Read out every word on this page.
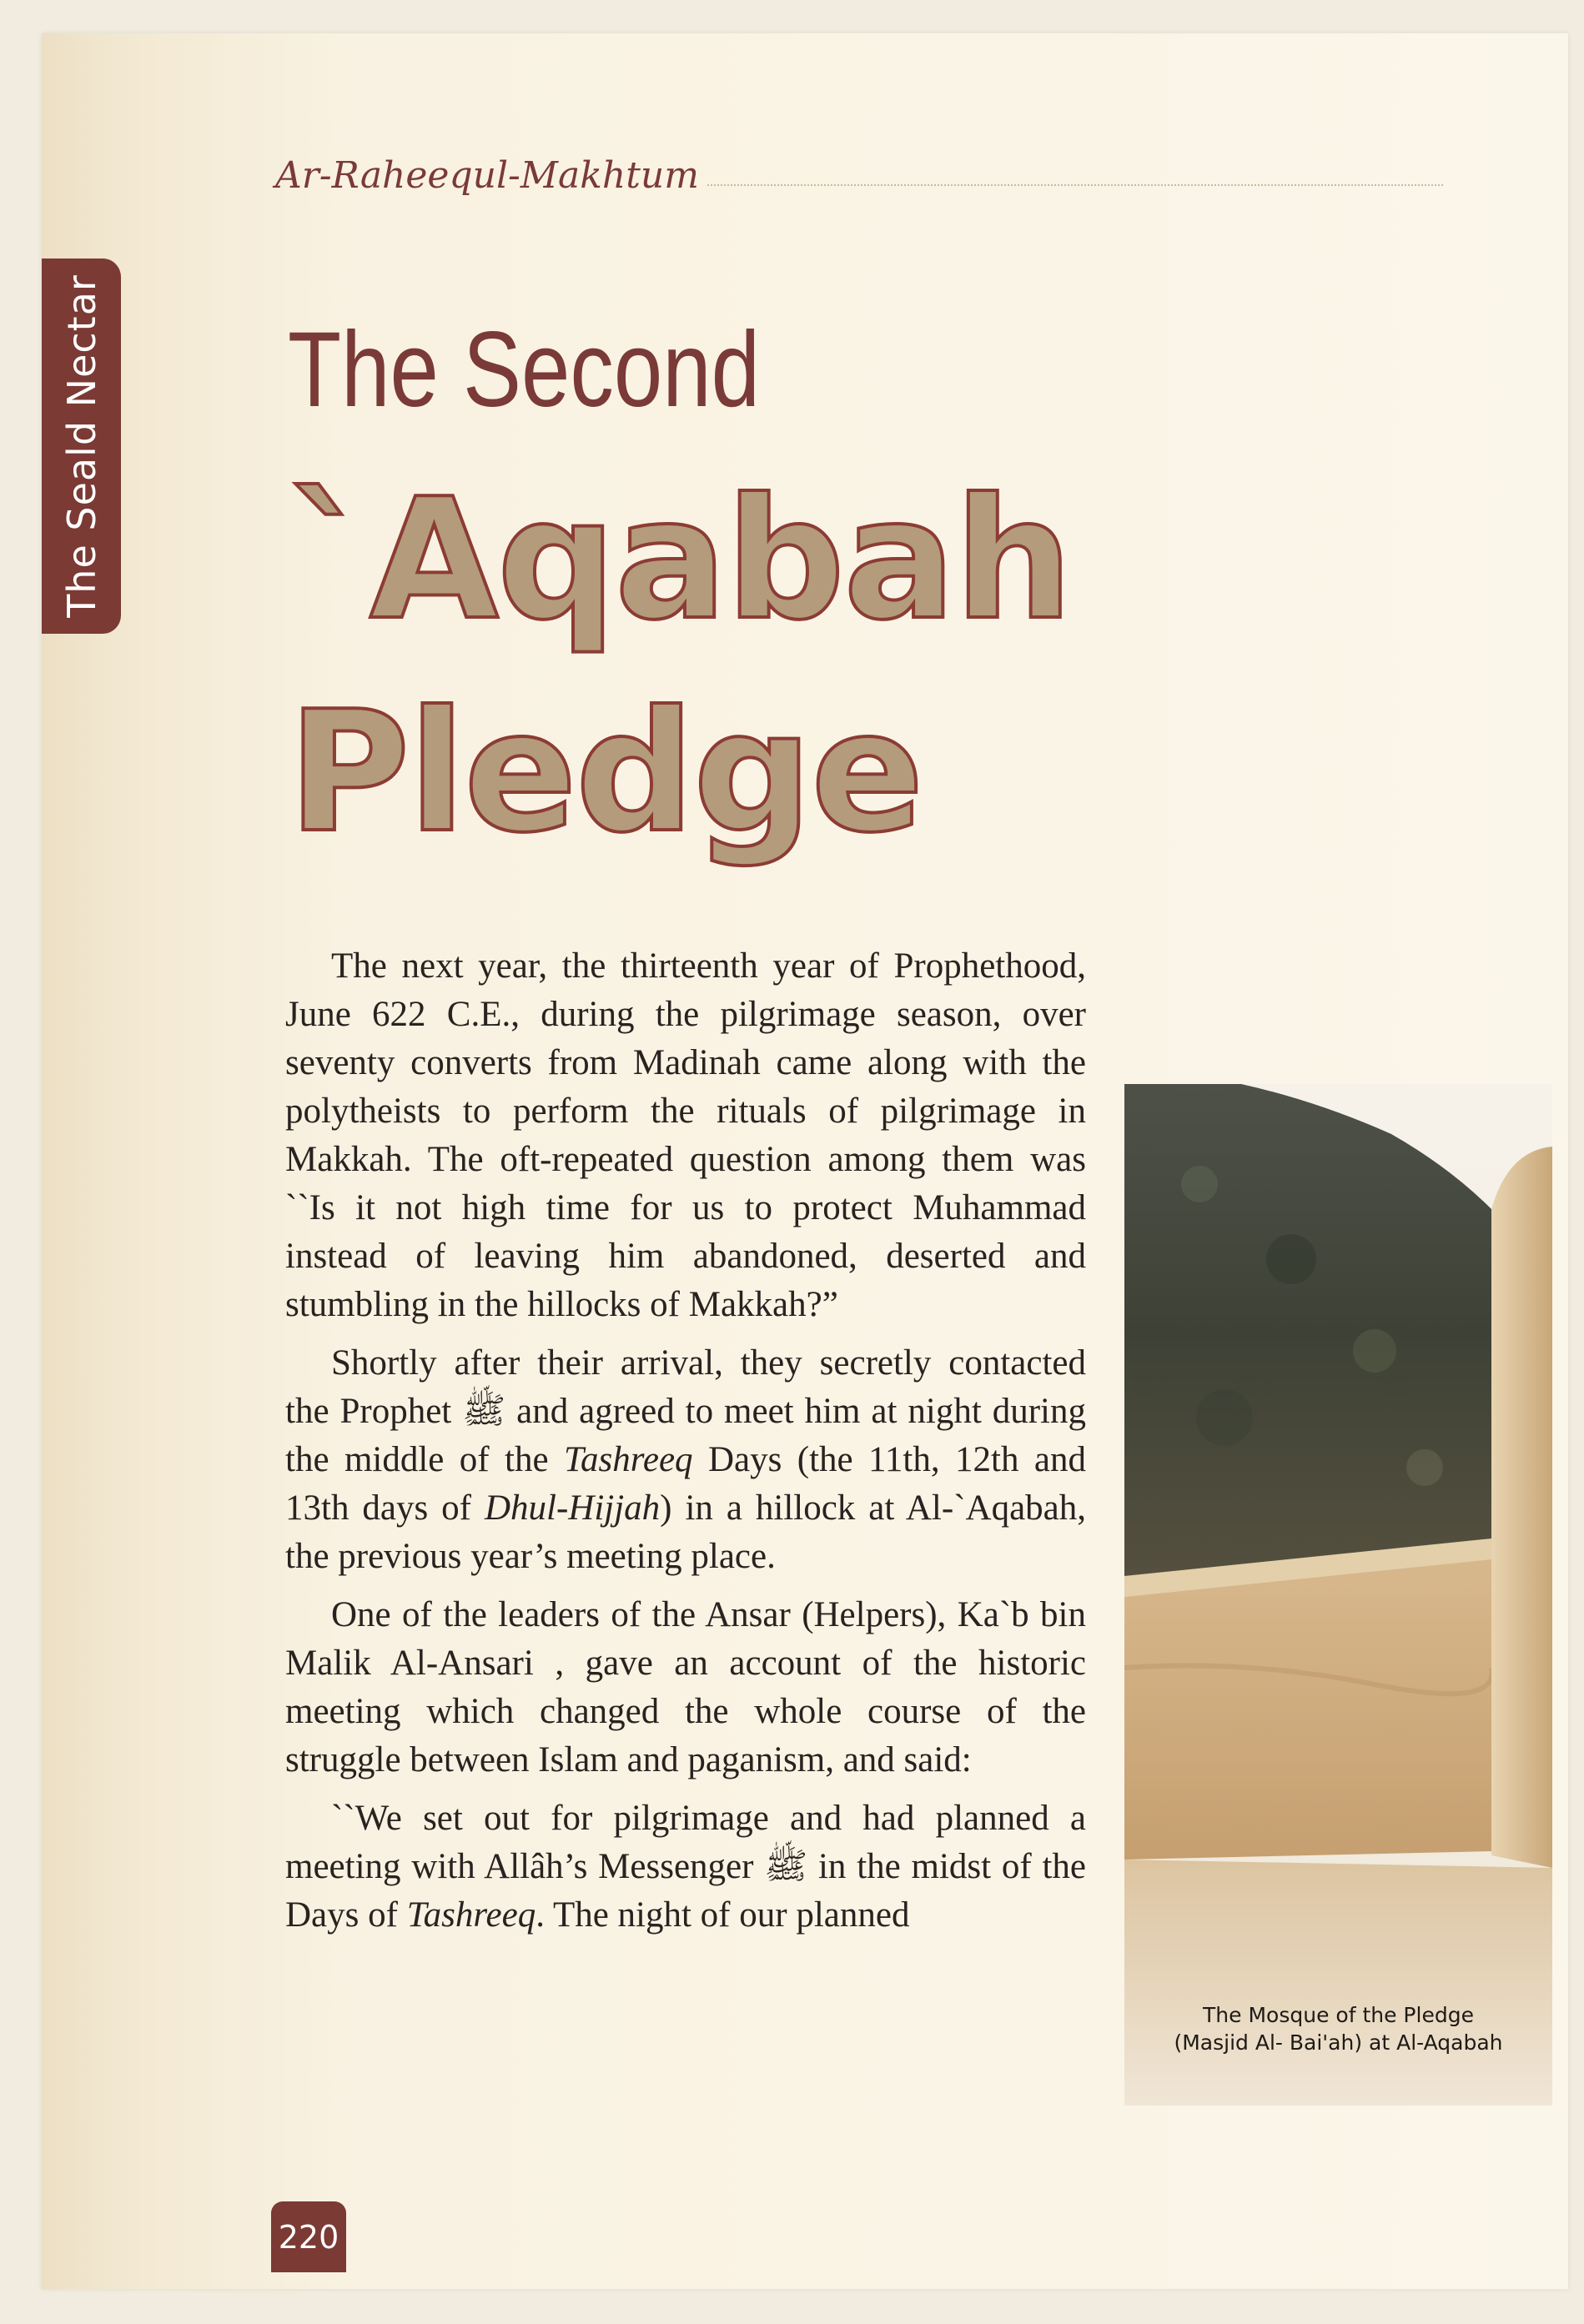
Ar-Raheequl-Makhtum
The Seald Nectar The Second
`Aqabah
Pledge

The next year, the thirteenth year of Prophethood, June 622 C.E., during the pilgrimage season, over seventy converts from Madinah came along with the polytheists to perform the rituals of pilgrimage in Makkah. The oft-repeated question among them was ``Is it not high time for us to protect Muhammad instead of leaving him abandoned, deserted and stumbling in the hillocks of Makkah?”

Shortly after their arrival, they secretly contacted the Prophet ﷺ and agreed to meet him at night during the middle of the Tashreeq Days (the 11th, 12th and 13th days of Dhul-Hijjah) in a hillock at Al-`Aqabah, the previous year’s meeting place.

One of the leaders of the Ansar (Helpers), Ka`b bin Malik Al-Ansari , gave an account of the historic meeting which changed the whole course of the struggle between Islam and paganism, and said:

``We set out for pilgrimage and had planned a meeting with Allâh’s Messenger ﷺ in the midst of the Days of Tashreeq. The night of our planned

The Mosque of the Pledge
(Masjid Al- Bai'ah) at Al-Aqabah
220
